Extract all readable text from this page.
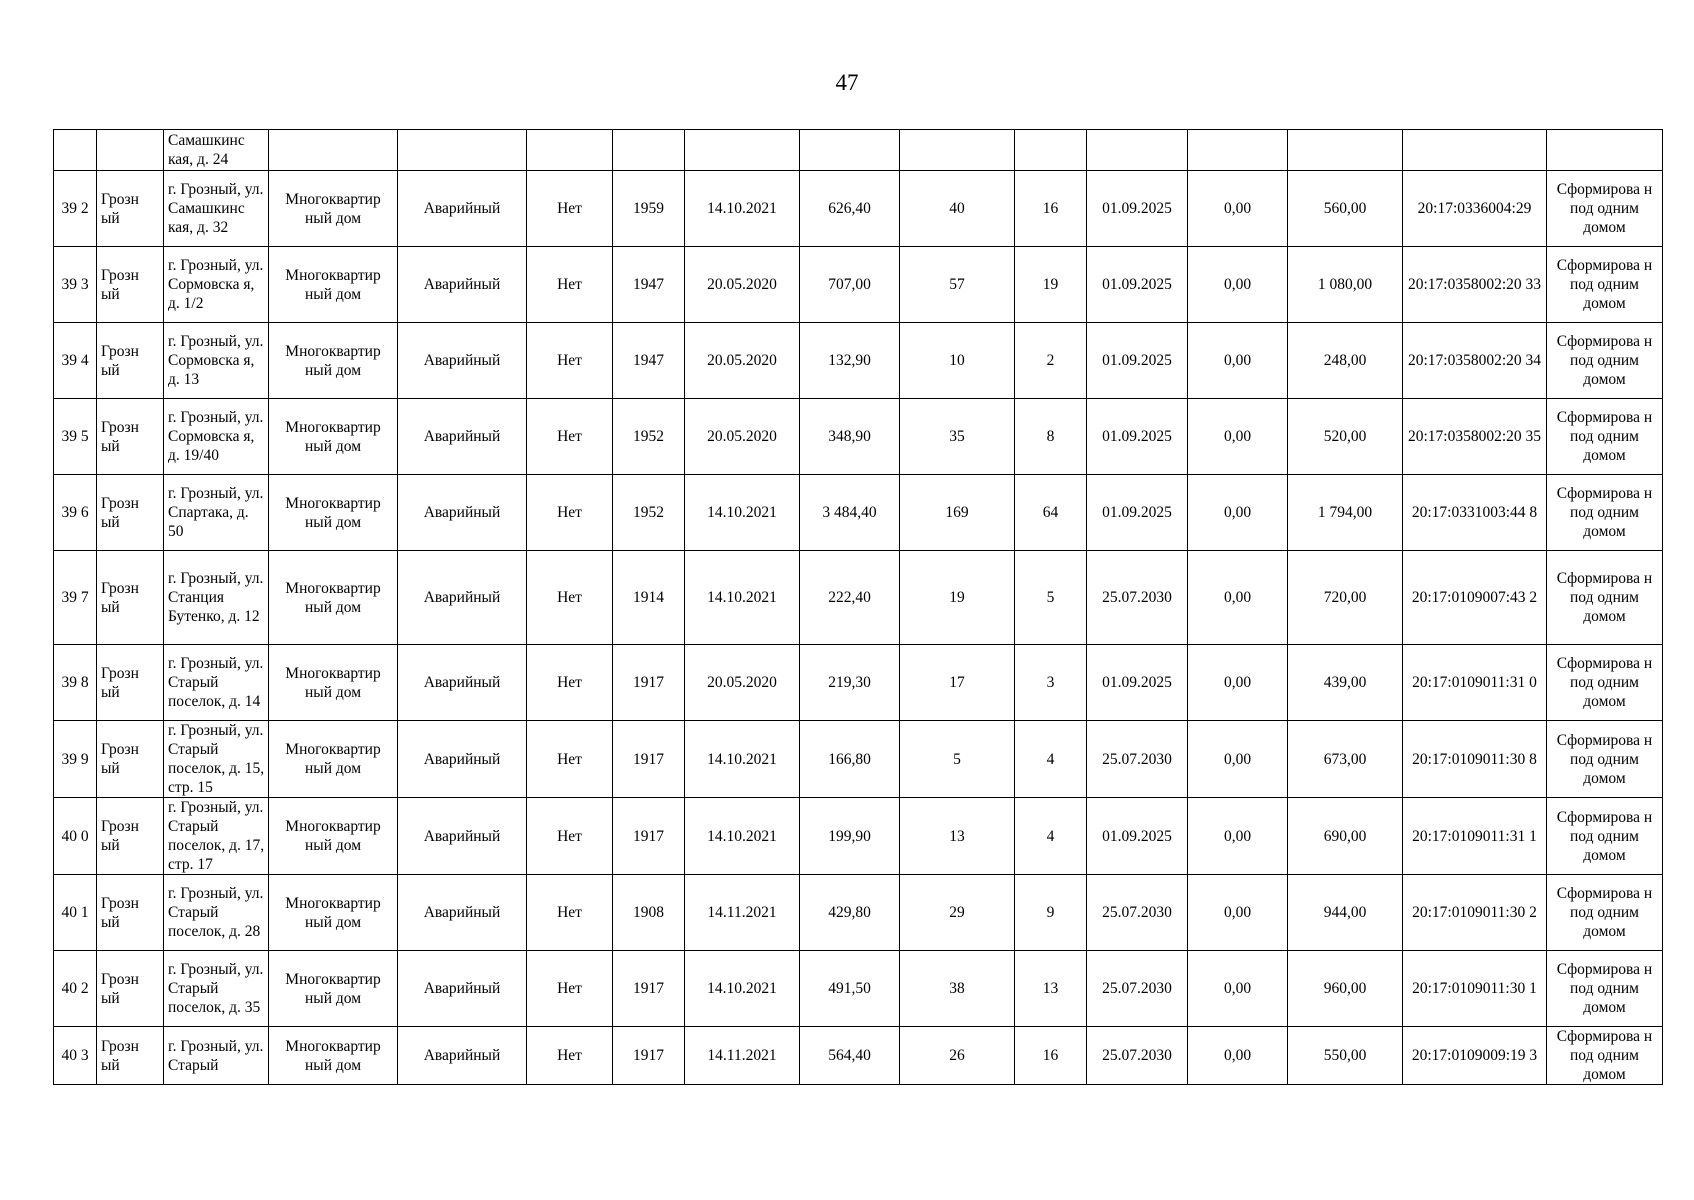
47
		Самашкинс кая, д. 24													
39 2	Грозн ый	г. Грозный, ул. Самашкинс кая, д. 32	Многоквартир ный дом	Аварийный	Нет	1959	14.10.2021	626,40	40	16	01.09.2025	0,00	560,00	20:17:0336004:29	Сформирова н под одним домом
39 3	Грозн ый	г. Грозный, ул. Сормовска я, д. 1/2	Многоквартир ный дом	Аварийный	Нет	1947	20.05.2020	707,00	57	19	01.09.2025	0,00	1 080,00	20:17:0358002:20 33	Сформирова н под одним домом
39 4	Грозн ый	г. Грозный, ул. Сормовска я, д. 13	Многоквартир ный дом	Аварийный	Нет	1947	20.05.2020	132,90	10	2	01.09.2025	0,00	248,00	20:17:0358002:20 34	Сформирова н под одним домом
39 5	Грозн ый	г. Грозный, ул. Сормовска я, д. 19/40	Многоквартир ный дом	Аварийный	Нет	1952	20.05.2020	348,90	35	8	01.09.2025	0,00	520,00	20:17:0358002:20 35	Сформирова н под одним домом
39 6	Грозн ый	г. Грозный, ул. Спартака, д. 50	Многоквартир ный дом	Аварийный	Нет	1952	14.10.2021	3 484,40	169	64	01.09.2025	0,00	1 794,00	20:17:0331003:44 8	Сформирова н под одним домом
39 7	Грозн ый	г. Грозный, ул. Станция Бутенко, д. 12	Многоквартир ный дом	Аварийный	Нет	1914	14.10.2021	222,40	19	5	25.07.2030	0,00	720,00	20:17:0109007:43 2	Сформирова н под одним домом
39 8	Грозн ый	г. Грозный, ул. Старый поселок, д. 14	Многоквартир ный дом	Аварийный	Нет	1917	20.05.2020	219,30	17	3	01.09.2025	0,00	439,00	20:17:0109011:31 0	Сформирова н под одним домом
39 9	Грозн ый	г. Грозный, ул. Старый поселок, д. 15, стр. 15	Многоквартир ный дом	Аварийный	Нет	1917	14.10.2021	166,80	5	4	25.07.2030	0,00	673,00	20:17:0109011:30 8	Сформирова н под одним домом
40 0	Грозн ый	г. Грозный, ул. Старый поселок, д. 17, стр. 17	Многоквартир ный дом	Аварийный	Нет	1917	14.10.2021	199,90	13	4	01.09.2025	0,00	690,00	20:17:0109011:31 1	Сформирова н под одним домом
40 1	Грозн ый	г. Грозный, ул. Старый поселок, д. 28	Многоквартир ный дом	Аварийный	Нет	1908	14.11.2021	429,80	29	9	25.07.2030	0,00	944,00	20:17:0109011:30 2	Сформирова н под одним домом
40 2	Грозн ый	г. Грозный, ул. Старый поселок, д. 35	Многоквартир ный дом	Аварийный	Нет	1917	14.10.2021	491,50	38	13	25.07.2030	0,00	960,00	20:17:0109011:30 1	Сформирова н под одним домом
40 3	Грозн ый	г. Грозный, ул. Старый	Многоквартир ный дом	Аварийный	Нет	1917	14.11.2021	564,40	26	16	25.07.2030	0,00	550,00	20:17:0109009:19 3	Сформирова н под одним домом
